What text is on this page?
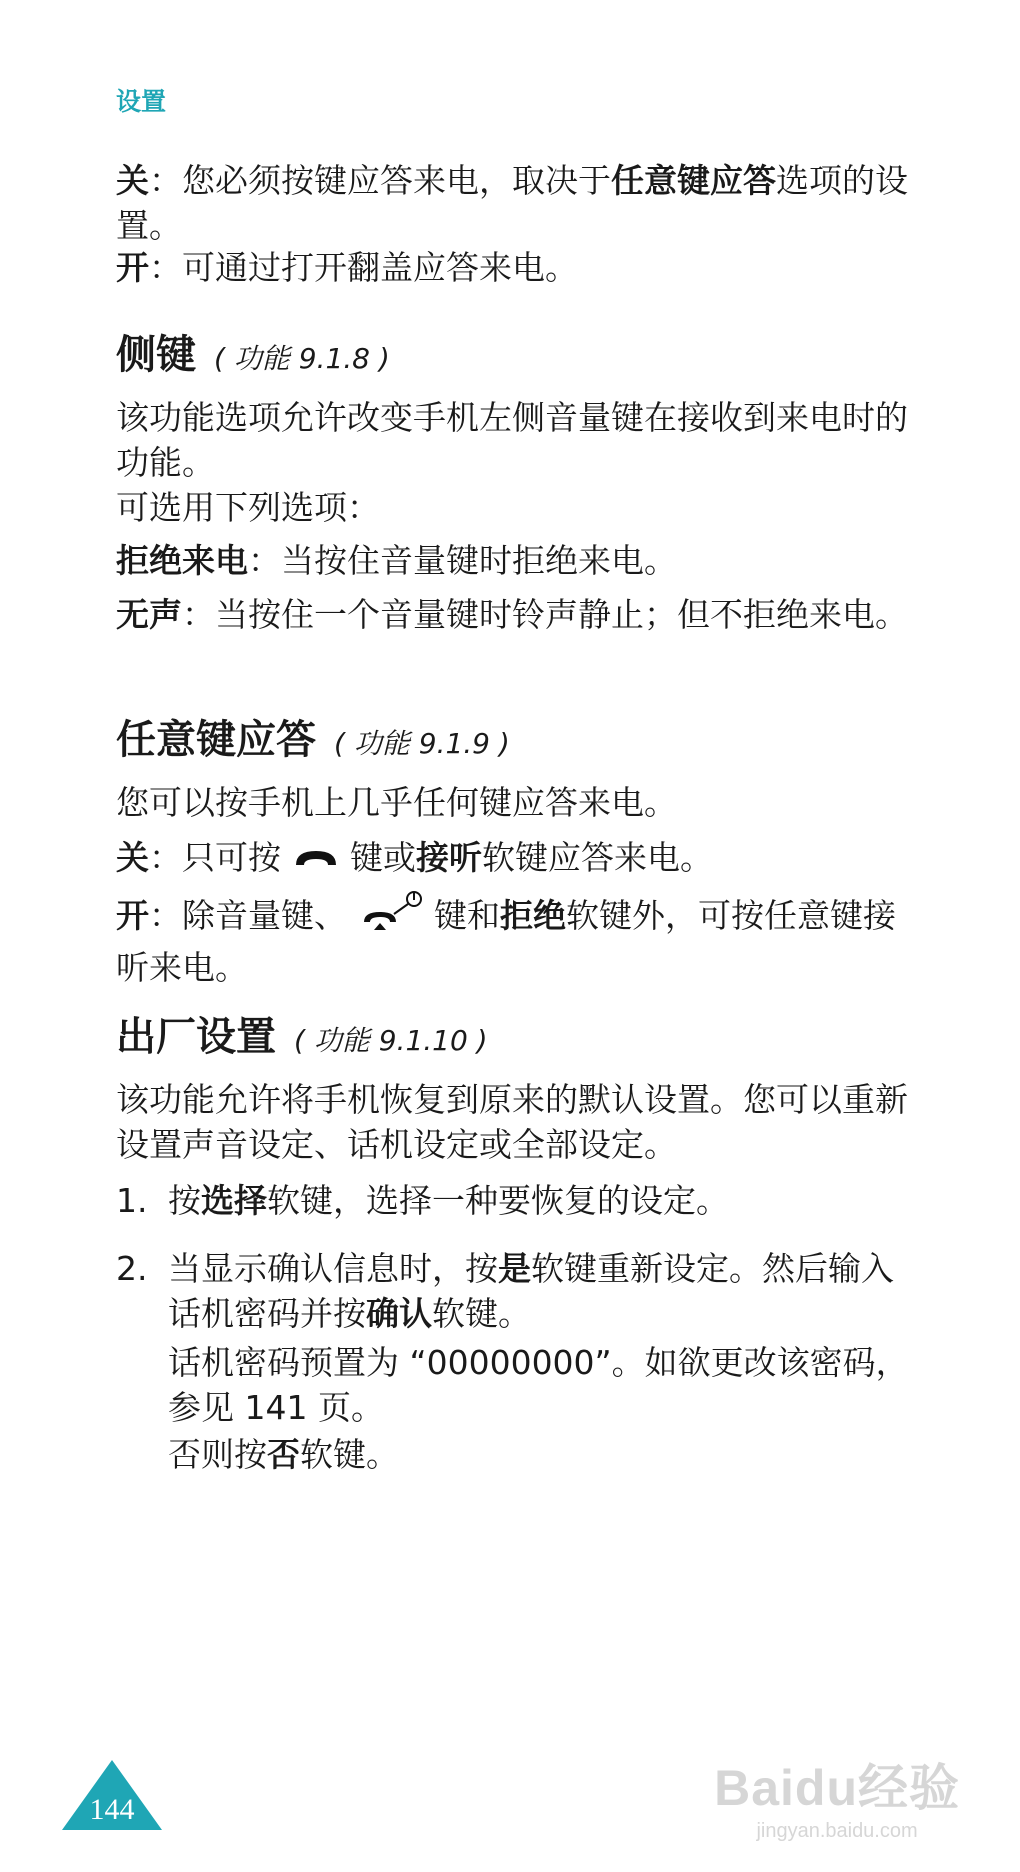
设置
关：您必须按键应答来电，取决于任意键应答选项的设置。
开：可通过打开翻盖应答来电。
侧键 ( 功能 9.1.8 )
该功能选项允许改变手机左侧音量键在接收到来电时的功能。
可选用下列选项：
拒绝来电：当按住音量键时拒绝来电。
无声：当按住一个音量键时铃声静止；但不拒绝来电。
任意键应答 ( 功能 9.1.9 )
您可以按手机上几乎任何键应答来电。
关：只可按 键或接听软键应答来电。
开：除音量键、	键和拒绝软键外，可按任意键接听来电。
出厂设置 ( 功能 9.1.10 )
该功能允许将手机恢复到原来的默认设置。您可以重新设置声音设定、话机设定或全部设定。
1. 按选择软键，选择一种要恢复的设定。
2. 当显示确认信息时，按是软键重新设定。然后输入话机密码并按确认软键。
话机密码预置为 “00000000”。如欲更改该密码，参见 141 页。
否则按否软键。
144	Baidu经验
jingyan.baidu.com
